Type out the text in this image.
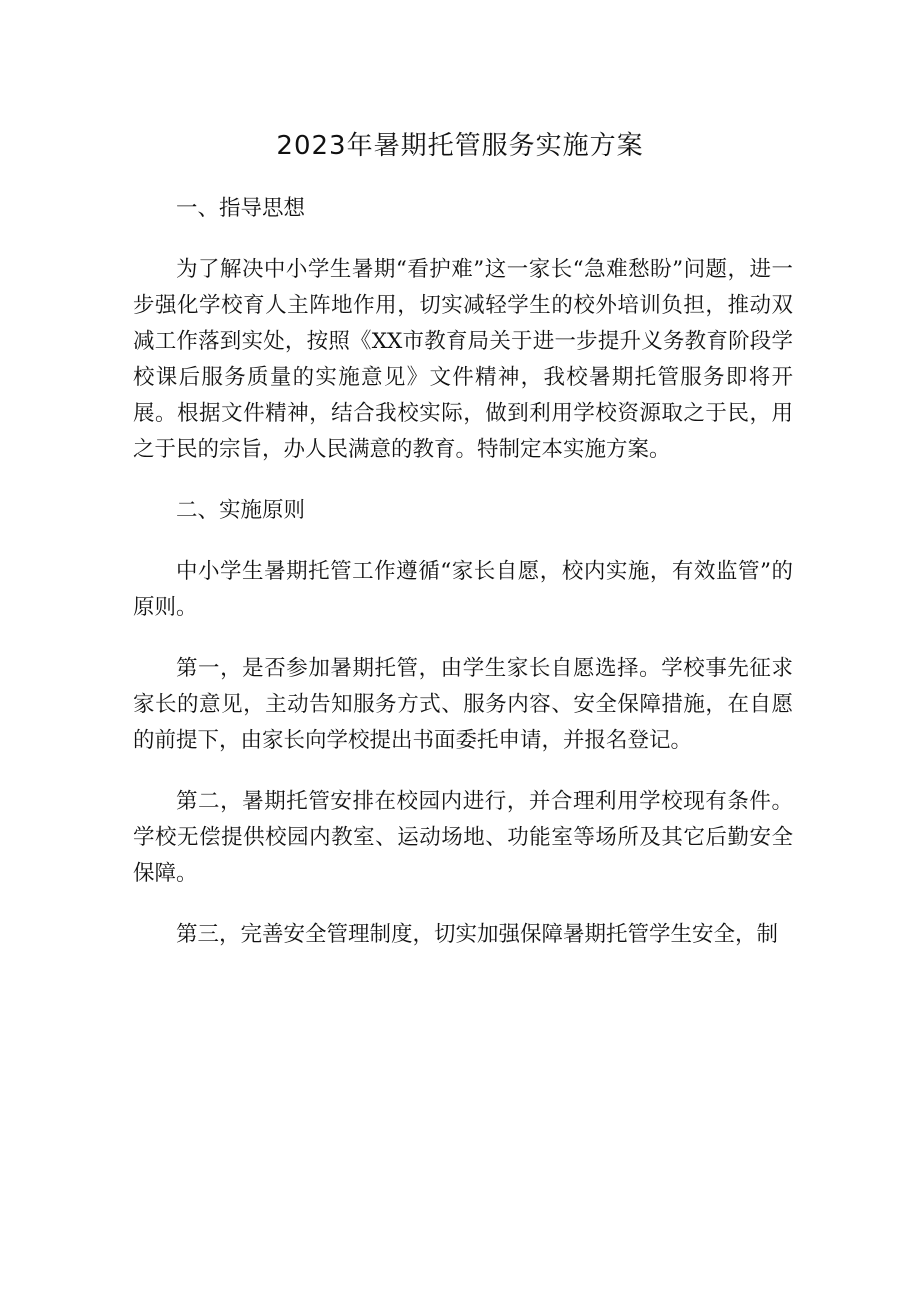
2023年暑期托管服务实施方案

一、指导思想

为了解决中小学生暑期“看护难”这一家长“急难愁盼”问题，进一步强化学校育人主阵地作用，切实减轻学生的校外培训负担，推动双减工作落到实处，按照《XX市教育局关于进一步提升义务教育阶段学校课后服务质量的实施意见》文件精神，我校暑期托管服务即将开展。根据文件精神，结合我校实际，做到利用学校资源取之于民，用之于民的宗旨，办人民满意的教育。特制定本实施方案。

二、实施原则

中小学生暑期托管工作遵循“家长自愿，校内实施，有效监管”的原则。

第一，是否参加暑期托管，由学生家长自愿选择。学校事先征求家长的意见，主动告知服务方式、服务内容、安全保障措施，在自愿的前提下，由家长向学校提出书面委托申请，并报名登记。

第二，暑期托管安排在校园内进行，并合理利用学校现有条件。学校无偿提供校园内教室、运动场地、功能室等场所及其它后勤安全保障。

第三，完善安全管理制度，切实加强保障暑期托管学生安全，制
